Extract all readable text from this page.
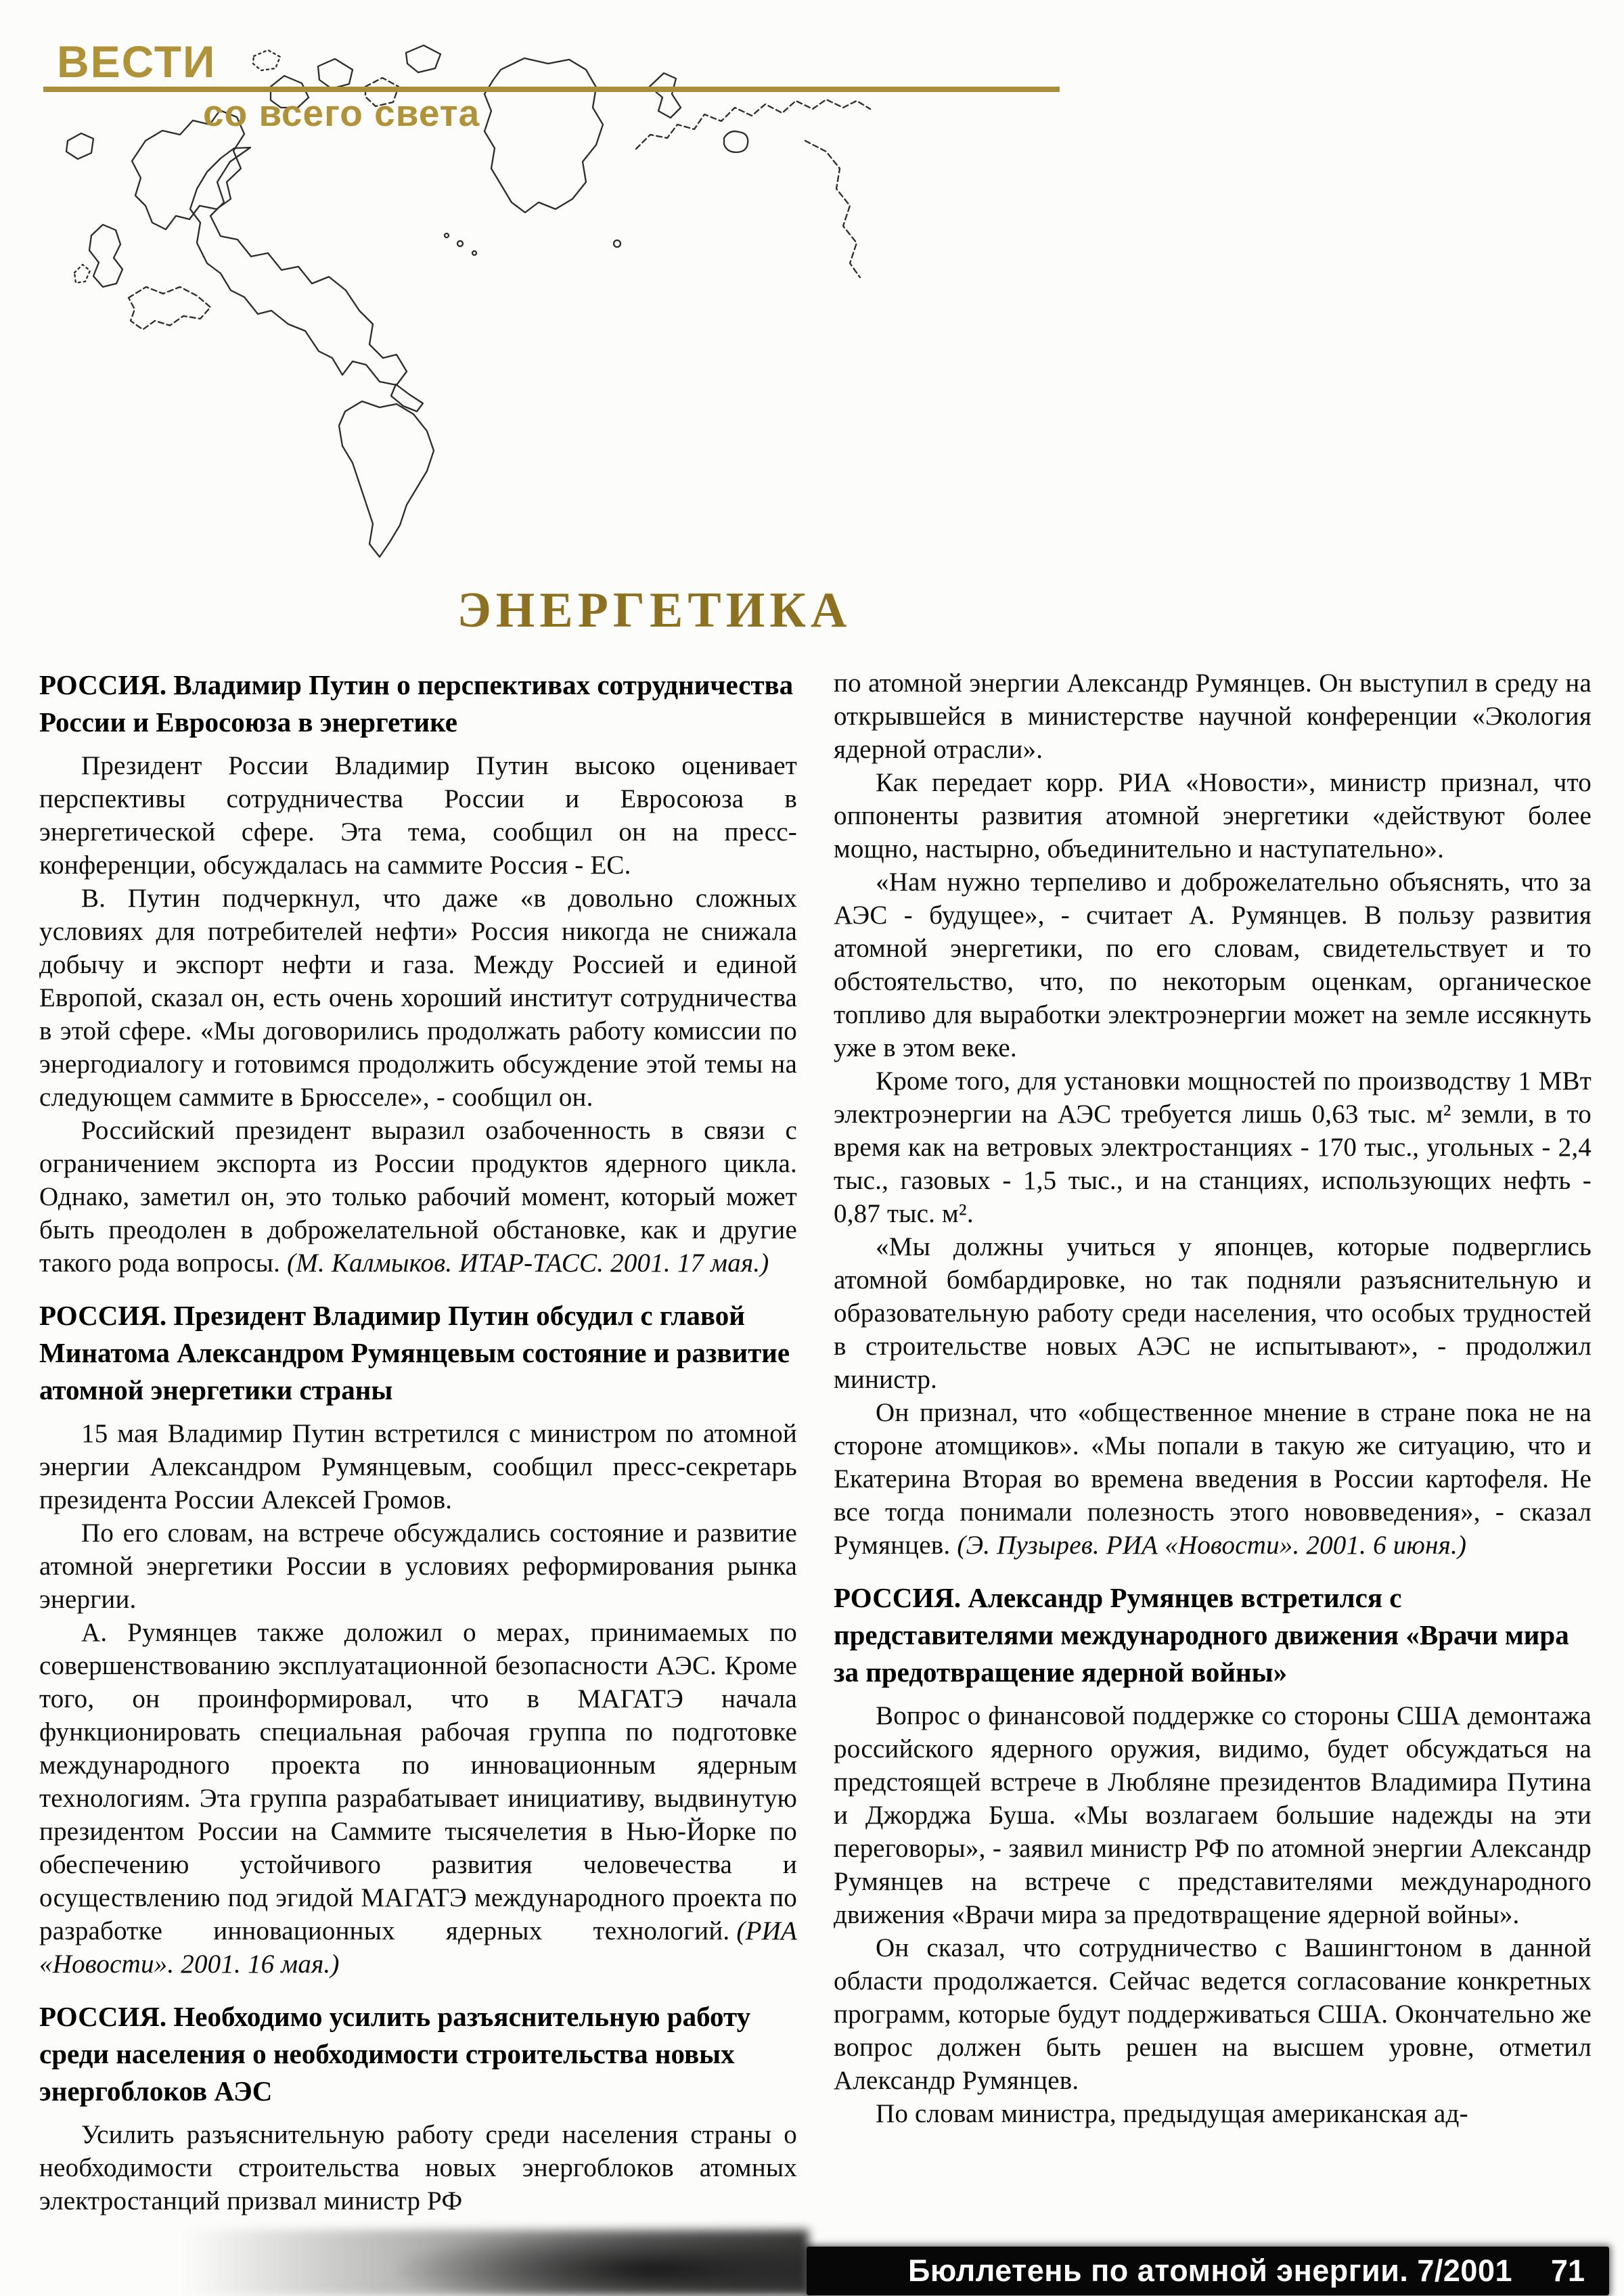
ВЕСТИ
со всего света
ЭНЕРГЕТИКА
РОССИЯ. Владимир Путин о перспективах сотрудничества России и Евросоюза в энергетике

Президент России Владимир Путин высоко оценивает перспективы сотрудничества России и Евросоюза в энергетической сфере. Эта тема, сообщил он на пресс-конференции, обсуждалась на саммите Россия - ЕС.

В. Путин подчеркнул, что даже «в довольно сложных условиях для потребителей нефти» Россия никогда не снижала добычу и экспорт нефти и газа. Между Россией и единой Европой, сказал он, есть очень хороший институт сотрудничества в этой сфере. «Мы договорились продолжать работу комиссии по энергодиалогу и готовимся продолжить обсуждение этой темы на следующем саммите в Брюсселе», - сообщил он.

Российский президент выразил озабоченность в связи с ограничением экспорта из России продуктов ядерного цикла. Однако, заметил он, это только рабочий момент, который может быть преодолен в доброжелательной обстановке, как и другие такого рода вопросы. (М. Калмыков. ИТАР-ТАСС. 2001. 17 мая.)

РОССИЯ. Президент Владимир Путин обсудил с главой Минатома Александром Румянцевым состояние и развитие атомной энергетики страны

15 мая Владимир Путин встретился с министром по атомной энергии Александром Румянцевым, сообщил пресс-секретарь президента России Алексей Громов.

По его словам, на встрече обсуждались состояние и развитие атомной энергетики России в условиях реформирования рынка энергии.

А. Румянцев также доложил о мерах, принимаемых по совершенствованию эксплуатационной безопасности АЭС. Кроме того, он проинформировал, что в МАГАТЭ начала функционировать специальная рабочая группа по подготовке международного проекта по инновационным ядерным технологиям. Эта группа разрабатывает инициативу, выдвинутую президентом России на Саммите тысячелетия в Нью-Йорке по обеспечению устойчивого развития человечества и осуществлению под эгидой МАГАТЭ международного проекта по разработке инновационных ядерных технологий. (РИА «Новости». 2001. 16 мая.)

РОССИЯ. Необходимо усилить разъяснительную работу среди населения о необходимости строительства новых энергоблоков АЭС

Усилить разъяснительную работу среди населения страны о необходимости строительства новых энергоблоков атомных электростанций призвал министр РФ

по атомной энергии Александр Румянцев. Он выступил в среду на открывшейся в министерстве научной конференции «Экология ядерной отрасли».

Как передает корр. РИА «Новости», министр признал, что оппоненты развития атомной энергетики «действуют более мощно, настырно, объединительно и наступательно».

«Нам нужно терпеливо и доброжелательно объяснять, что за АЭС - будущее», - считает А. Румянцев. В пользу развития атомной энергетики, по его словам, свидетельствует и то обстоятельство, что, по некоторым оценкам, органическое топливо для выработки электроэнергии может на земле иссякнуть уже в этом веке.

Кроме того, для установки мощностей по производству 1 МВт электроэнергии на АЭС требуется лишь 0,63 тыс. м² земли, в то время как на ветровых электростанциях - 170 тыс., угольных - 2,4 тыс., газовых - 1,5 тыс., и на станциях, использующих нефть - 0,87 тыс. м².

«Мы должны учиться у японцев, которые подверглись атомной бомбардировке, но так подняли разъяснительную и образовательную работу среди населения, что особых трудностей в строительстве новых АЭС не испытывают», - продолжил министр.

Он признал, что «общественное мнение в стране пока не на стороне атомщиков». «Мы попали в такую же ситуацию, что и Екатерина Вторая во времена введения в России картофеля. Не все тогда понимали полезность этого нововведения», - сказал Румянцев. (Э. Пузырев. РИА «Новости». 2001. 6 июня.)

РОССИЯ. Александр Румянцев встретился с представителями международного движения «Врачи мира за предотвращение ядерной войны»

Вопрос о финансовой поддержке со стороны США демонтажа российского ядерного оружия, видимо, будет обсуждаться на предстоящей встрече в Любляне президентов Владимира Путина и Джорджа Буша. «Мы возлагаем большие надежды на эти переговоры», - заявил министр РФ по атомной энергии Александр Румянцев на встрече с представителями международного движения «Врачи мира за предотвращение ядерной войны».

Он сказал, что сотрудничество с Вашингтоном в данной области продолжается. Сейчас ведется согласование конкретных программ, которые будут поддерживаться США. Окончательно же вопрос должен быть решен на высшем уровне, отметил Александр Румянцев.

По словам министра, предыдущая американская ад-

Бюллетень по атомной энергии. 7/2001 71
